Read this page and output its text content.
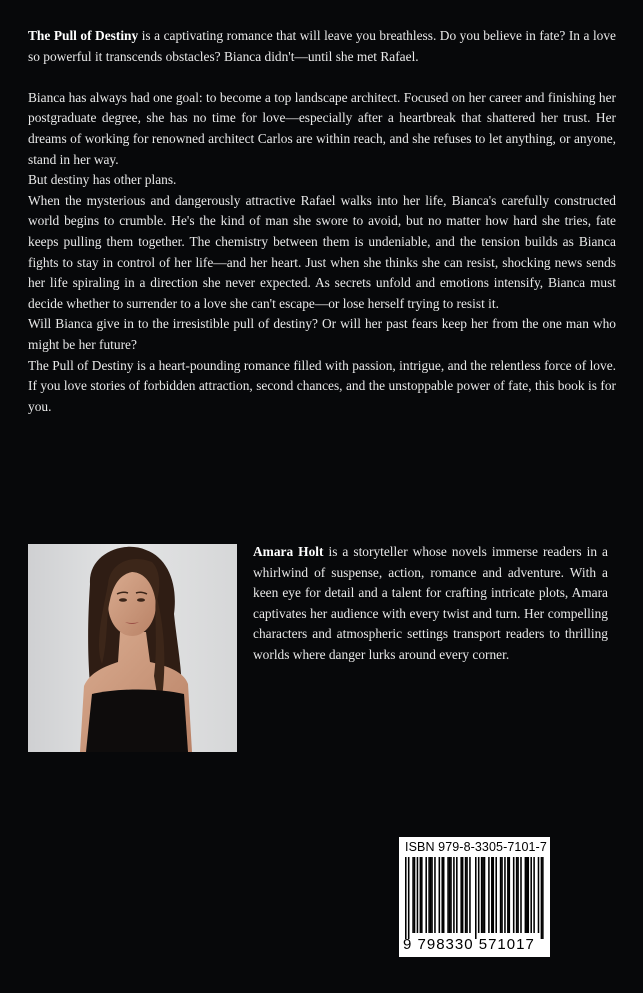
The Pull of Destiny is a captivating romance that will leave you breathless. Do you believe in fate? In a love so powerful it transcends obstacles? Bianca didn't—until she met Rafael.

Bianca has always had one goal: to become a top landscape architect. Focused on her career and finishing her postgraduate degree, she has no time for love—especially after a heartbreak that shattered her trust. Her dreams of working for renowned architect Carlos are within reach, and she refuses to let anything, or anyone, stand in her way.

But destiny has other plans.

When the mysterious and dangerously attractive Rafael walks into her life, Bianca's carefully constructed world begins to crumble. He's the kind of man she swore to avoid, but no matter how hard she tries, fate keeps pulling them together. The chemistry between them is undeniable, and the tension builds as Bianca fights to stay in control of her life—and her heart. Just when she thinks she can resist, shocking news sends her life spiraling in a direction she never expected. As secrets unfold and emotions intensify, Bianca must decide whether to surrender to a love she can't escape—or lose herself trying to resist it.

Will Bianca give in to the irresistible pull of destiny? Or will her past fears keep her from the one man who might be her future?

The Pull of Destiny is a heart-pounding romance filled with passion, intrigue, and the relentless force of love. If you love stories of forbidden attraction, second chances, and the unstoppable power of fate, this book is for you.

Amara Holt is a storyteller whose novels immerse readers in a whirlwind of suspense, action, romance and adventure. With a keen eye for detail and a talent for crafting intricate plots, Amara captivates her audience with every twist and turn. Her compelling characters and atmospheric settings transport readers to thrilling worlds where danger lurks around every corner.

ISBN 979-8-3305-7101-7
9 798330 571017
